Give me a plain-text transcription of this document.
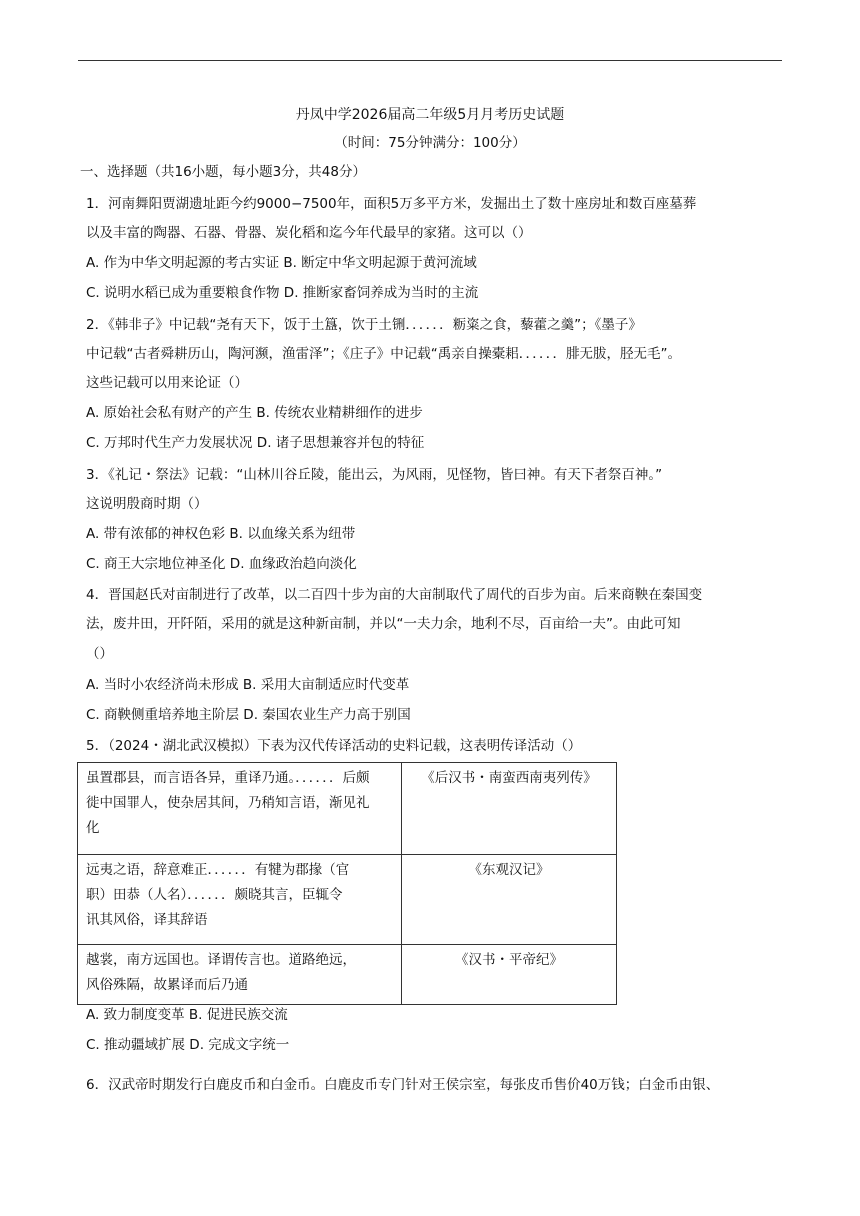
丹凤中学2026届高二年级5月月考历史试题
（时间：75分钟满分：100分）
一、选择题（共16小题，每小题3分，共48分）
1．河南舞阳贾湖遗址距今约9000−7500年，面积5万多平方米，发掘出土了数十座房址和数百座墓葬
以及丰富的陶器、石器、骨器、炭化稻和迄今年代最早的家猪。这可以（）
A. 作为中华文明起源的考古实证 B. 断定中华文明起源于黄河流域
C. 说明水稻已成为重要粮食作物 D. 推断家畜饲养成为当时的主流
2．《韩非子》中记载“尧有天下，饭于土簋，饮于土铏．．．．．．粝粢之食，藜藿之羹”；《墨子》
中记载“古者舜耕历山，陶河濒，渔雷泽”；《庄子》中记载“禹亲自操橐耜．．．．．．腓无胈，胫无毛”。
这些记载可以用来论证（）
A. 原始社会私有财产的产生 B. 传统农业精耕细作的进步
C. 万邦时代生产力发展状况 D. 诸子思想兼容并包的特征
3．《礼记・祭法》记载：“山林川谷丘陵，能出云，为风雨，见怪物，皆曰神。有天下者祭百神。”
这说明殷商时期（）
A. 带有浓郁的神权色彩 B. 以血缘关系为纽带
C. 商王大宗地位神圣化 D. 血缘政治趋向淡化
4．晋国赵氏对亩制进行了改革，以二百四十步为亩的大亩制取代了周代的百步为亩。后来商鞅在秦国变
法，废井田，开阡陌，采用的就是这种新亩制，并以“一夫力余，地利不尽，百亩给一夫”。由此可知
（）
A. 当时小农经济尚未形成 B. 采用大亩制适应时代变革
C. 商鞅侧重培养地主阶层 D. 秦国农业生产力高于别国
5．（2024・湖北武汉模拟）下表为汉代传译活动的史料记载，这表明传译活动（）
虽置郡县，而言语各异，重译乃通。．．．．．．后颇
徙中国罪人，使杂居其间，乃稍知言语，渐见礼
化	《后汉书・南蛮西南夷列传》

远夷之语，辞意难正．．．．．．有犍为郡掾（官
职）田恭（人名）．．．．．．颇晓其言，臣辄令
讯其风俗，译其辞语	《东观汉记》

越裳，南方远国也。译谓传言也。道路绝远，
风俗殊隔，故累译而后乃通	《汉书・平帝纪》
A. 致力制度变革 B. 促进民族交流
C. 推动疆域扩展 D. 完成文字统一
6．汉武帝时期发行白鹿皮币和白金币。白鹿皮币专门针对王侯宗室，每张皮币售价40万钱；白金币由银、
